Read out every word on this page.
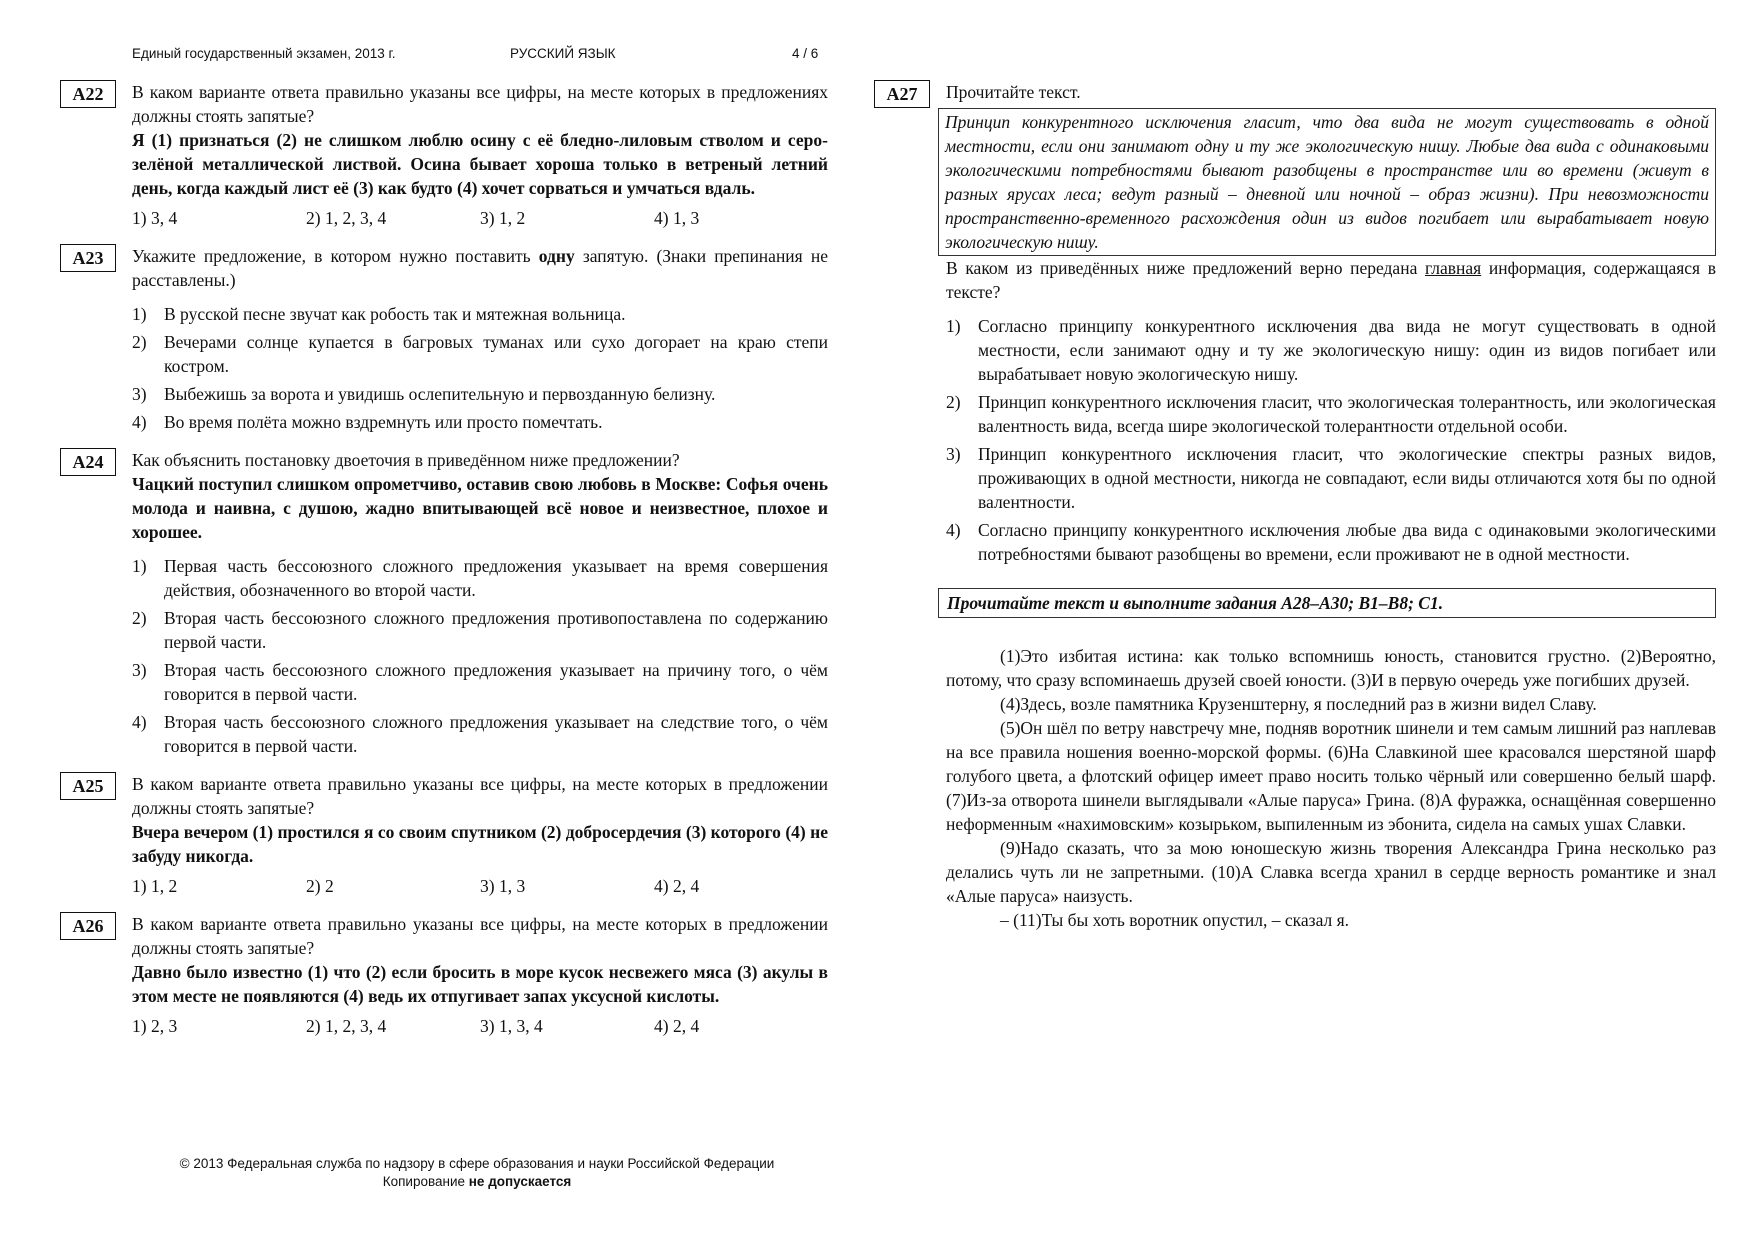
Единый государственный экзамен, 2013 г.	РУССКИЙ ЯЗЫК	4 / 6
A22	В каком варианте ответа правильно указаны все цифры, на месте которых в предложениях должны стоять запятые?
Я (1) признаться (2) не слишком люблю осину с её бледно-лиловым стволом и серо-зелёной металлической листвой. Осина бывает хороша только в ветреный летний день, когда каждый лист её (3) как будто (4) хочет сорваться и умчаться вдаль.
1) 3, 4	2) 1, 2, 3, 4	3) 1, 2	4) 1, 3
A23	Укажите предложение, в котором нужно поставить одну запятую. (Знаки препинания не расставлены.)
1) В русской песне звучат как робость так и мятежная вольница.
2) Вечерами солнце купается в багровых туманах или сухо догорает на краю степи костром.
3) Выбежишь за ворота и увидишь ослепительную и первозданную белизну.
4) Во время полёта можно вздремнуть или просто помечтать.
A24	Как объяснить постановку двоеточия в приведённом ниже предложении?
Чацкий поступил слишком опрометчиво, оставив свою любовь в Москве: Софья очень молода и наивна, с душою, жадно впитывающей всё новое и неизвестное, плохое и хорошее.
1) Первая часть бессоюзного сложного предложения указывает на время совершения действия, обозначенного во второй части.
2) Вторая часть бессоюзного сложного предложения противопоставлена по содержанию первой части.
3) Вторая часть бессоюзного сложного предложения указывает на причину того, о чём говорится в первой части.
4) Вторая часть бессоюзного сложного предложения указывает на следствие того, о чём говорится в первой части.
A25	В каком варианте ответа правильно указаны все цифры, на месте которых в предложении должны стоять запятые?
Вчера вечером (1) простился я со своим спутником (2) добросердечия (3) которого (4) не забуду никогда.
1) 1, 2	2) 2	3) 1, 3	4) 2, 4
A26	В каком варианте ответа правильно указаны все цифры, на месте которых в предложении должны стоять запятые?
Давно было известно (1) что (2) если бросить в море кусок несвежего мяса (3) акулы в этом месте не появляются (4) ведь их отпугивает запах уксусной кислоты.
1) 2, 3	2) 1, 2, 3, 4	3) 1, 3, 4	4) 2, 4
A27	Прочитайте текст.
Принцип конкурентного исключения гласит, что два вида не могут существовать в одной местности, если они занимают одну и ту же экологическую нишу. Любые два вида с одинаковыми экологическими потребностями бывают разобщены в пространстве или во времени (живут в разных ярусах леса; ведут разный – дневной или ночной – образ жизни). При невозможности пространственно-временного расхождения один из видов погибает или вырабатывает новую экологическую нишу.
В каком из приведённых ниже предложений верно передана главная информация, содержащаяся в тексте?
1) Согласно принципу конкурентного исключения два вида не могут существовать в одной местности, если занимают одну и ту же экологическую нишу: один из видов погибает или вырабатывает новую экологическую нишу.
2) Принцип конкурентного исключения гласит, что экологическая толерантность, или экологическая валентность вида, всегда шире экологической толерантности отдельной особи.
3) Принцип конкурентного исключения гласит, что экологические спектры разных видов, проживающих в одной местности, никогда не совпадают, если виды отличаются хотя бы по одной валентности.
4) Согласно принципу конкурентного исключения любые два вида с одинаковыми экологическими потребностями бывают разобщены во времени, если проживают не в одной местности.
Прочитайте текст и выполните задания A28–A30; B1–B8; C1.
(1)Это избитая истина: как только вспомнишь юность, становится грустно. (2)Вероятно, потому, что сразу вспоминаешь друзей своей юности. (3)И в первую очередь уже погибших друзей.
(4)Здесь, возле памятника Крузенштерну, я последний раз в жизни видел Славу.
(5)Он шёл по ветру навстречу мне, подняв воротник шинели и тем самым лишний раз наплевав на все правила ношения военно-морской формы. (6)На Славкиной шее красовался шерстяной шарф голубого цвета, а флотский офицер имеет право носить только чёрный или совершенно белый шарф. (7)Из-за отворота шинели выглядывали «Алые паруса» Грина. (8)А фуражка, оснащённая совершенно неформенным «нахимовским» козырьком, выпиленным из эбонита, сидела на самых ушах Славки.
(9)Надо сказать, что за мою юношескую жизнь творения Александра Грина несколько раз делались чуть ли не запретными. (10)А Славка всегда хранил в сердце верность романтике и знал «Алые паруса» наизусть.
– (11)Ты бы хоть воротник опустил, – сказал я.
© 2013 Федеральная служба по надзору в сфере образования и науки Российской Федерации
Копирование не допускается
